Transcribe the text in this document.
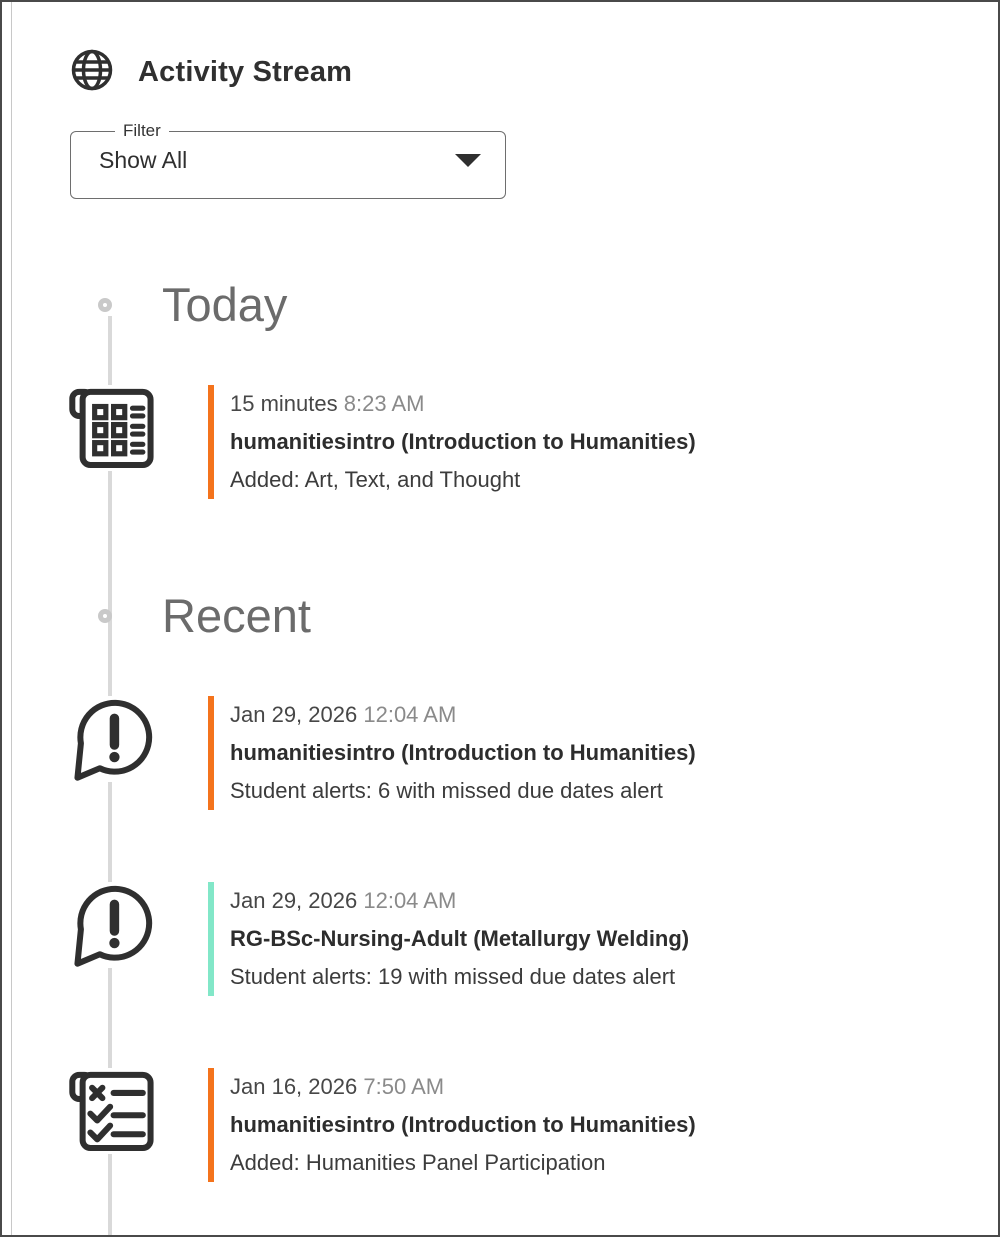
Activity Stream
Filter
Show All
Today
15 minutes 8:23 AM
humanitiesintro (Introduction to Humanities)
Added: Art, Text, and Thought
Recent
Jan 29, 2026 12:04 AM
humanitiesintro (Introduction to Humanities)
Student alerts: 6 with missed due dates alert
Jan 29, 2026 12:04 AM
RG-BSc-Nursing-Adult (Metallurgy Welding)
Student alerts: 19 with missed due dates alert
Jan 16, 2026 7:50 AM
humanitiesintro (Introduction to Humanities)
Added: Humanities Panel Participation
